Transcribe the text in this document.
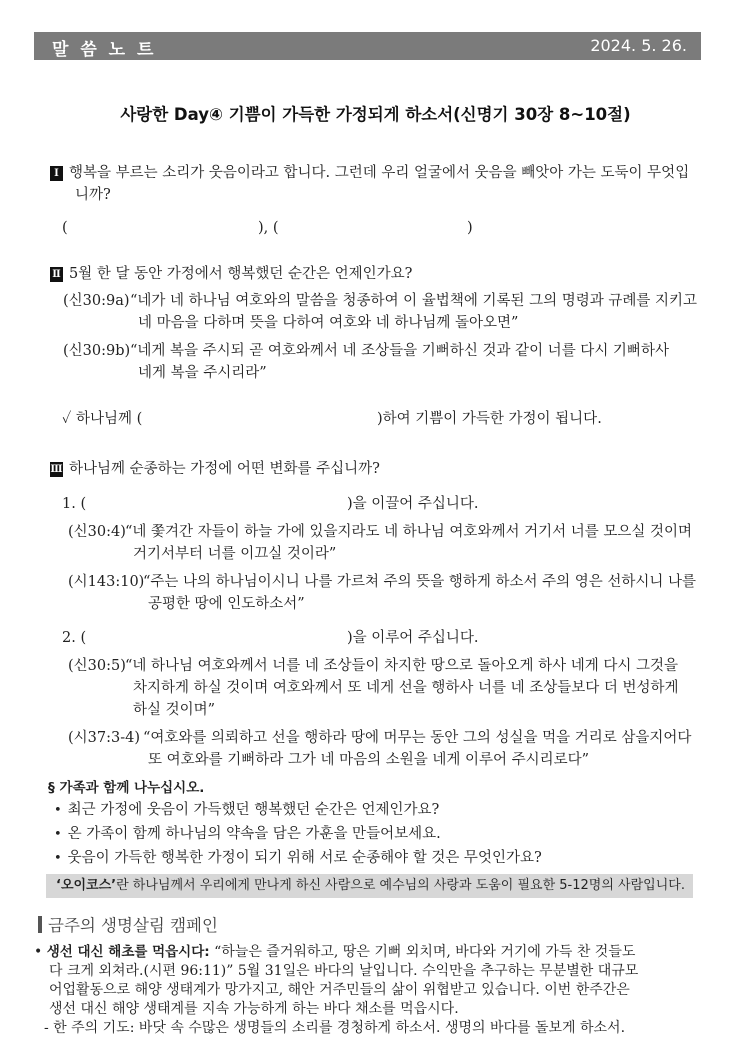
말 씀 노 트	2024. 5. 26.
사랑한 Day④ 기쁨이 가득한 가정되게 하소서(신명기 30장 8~10절)
Ⅰ 행복을 부르는 소리가 웃음이라고 합니다. 그런데 우리 얼굴에서 웃음을 빼앗아 가는 도둑이 무엇입
니까?
(	), (	)
Ⅱ 5월 한 달 동안 가정에서 행복했던 순간은 언제인가요?
(신30:9a) “네가 네 하나님 여호와의 말씀을 청종하여 이 율법책에 기록된 그의 명령과 규례를 지키고
네 마음을 다하며 뜻을 다하여 여호와 네 하나님께 돌아오면”
(신30:9b) “네게 복을 주시되 곧 여호와께서 네 조상들을 기뻐하신 것과 같이 너를 다시 기뻐하사
네게 복을 주시리라”
✓ 하나님께 (	)하여 기쁨이 가득한 가정이 됩니다.
Ⅲ 하나님께 순종하는 가정에 어떤 변화를 주십니까?
1. (	)을 이끌어 주십니다.
(신30:4) “네 쫓겨간 자들이 하늘 가에 있을지라도 네 하나님 여호와께서 거기서 너를 모으실 것이며
거기서부터 너를 이끄실 것이라”
(시143:10)
“주는 나의 하나님이시니 나를 가르쳐 주의 뜻을 행하게 하소서 주의 영은 선하시니 나를
공평한 땅에 인도하소서”
2. (	)을 이루어 주십니다.
(신30:5) “네 하나님 여호와께서 너를 네 조상들이 차지한 땅으로 돌아오게 하사 네게 다시 그것을
차지하게 하실 것이며 여호와께서 또 네게 선을 행하사 너를 네 조상들보다 더 번성하게
하실 것이며”
(시37:3-4) “여호와를 의뢰하고 선을 행하라 땅에 머무는 동안 그의 성실을 먹을 거리로 삼을지어다
또 여호와를 기뻐하라 그가 네 마음의 소원을 네게 이루어 주시리로다”
§ 가족과 함께 나누십시오.
• 최근 가정에 웃음이 가득했던 행복했던 순간은 언제인가요?
• 온 가족이 함께 하나님의 약속을 담은 가훈을 만들어보세요.
• 웃음이 가득한 행복한 가정이 되기 위해 서로 순종해야 할 것은 무엇인가요?
‘오이코스’란 하나님께서 우리에게 만나게 하신 사람으로 예수님의 사랑과 도움이 필요한 5-12명의 사람입니다.
금주의 생명살림 캠페인
• 생선 대신 해초를 먹읍시다: “하늘은 즐거워하고, 땅은 기뻐 외치며, 바다와 거기에 가득 찬 것들도
다 크게 외쳐라.(시편 96:11)” 5월 31일은 바다의 날입니다. 수익만을 추구하는 무분별한 대규모
어업활동으로 해양 생태계가 망가지고, 해안 거주민들의 삶이 위협받고 있습니다. 이번 한주간은
생선 대신 해양 생태계를 지속 가능하게 하는 바다 채소를 먹읍시다.
- 한 주의 기도: 바닷 속 수많은 생명들의 소리를 경청하게 하소서. 생명의 바다를 돌보게 하소서.
